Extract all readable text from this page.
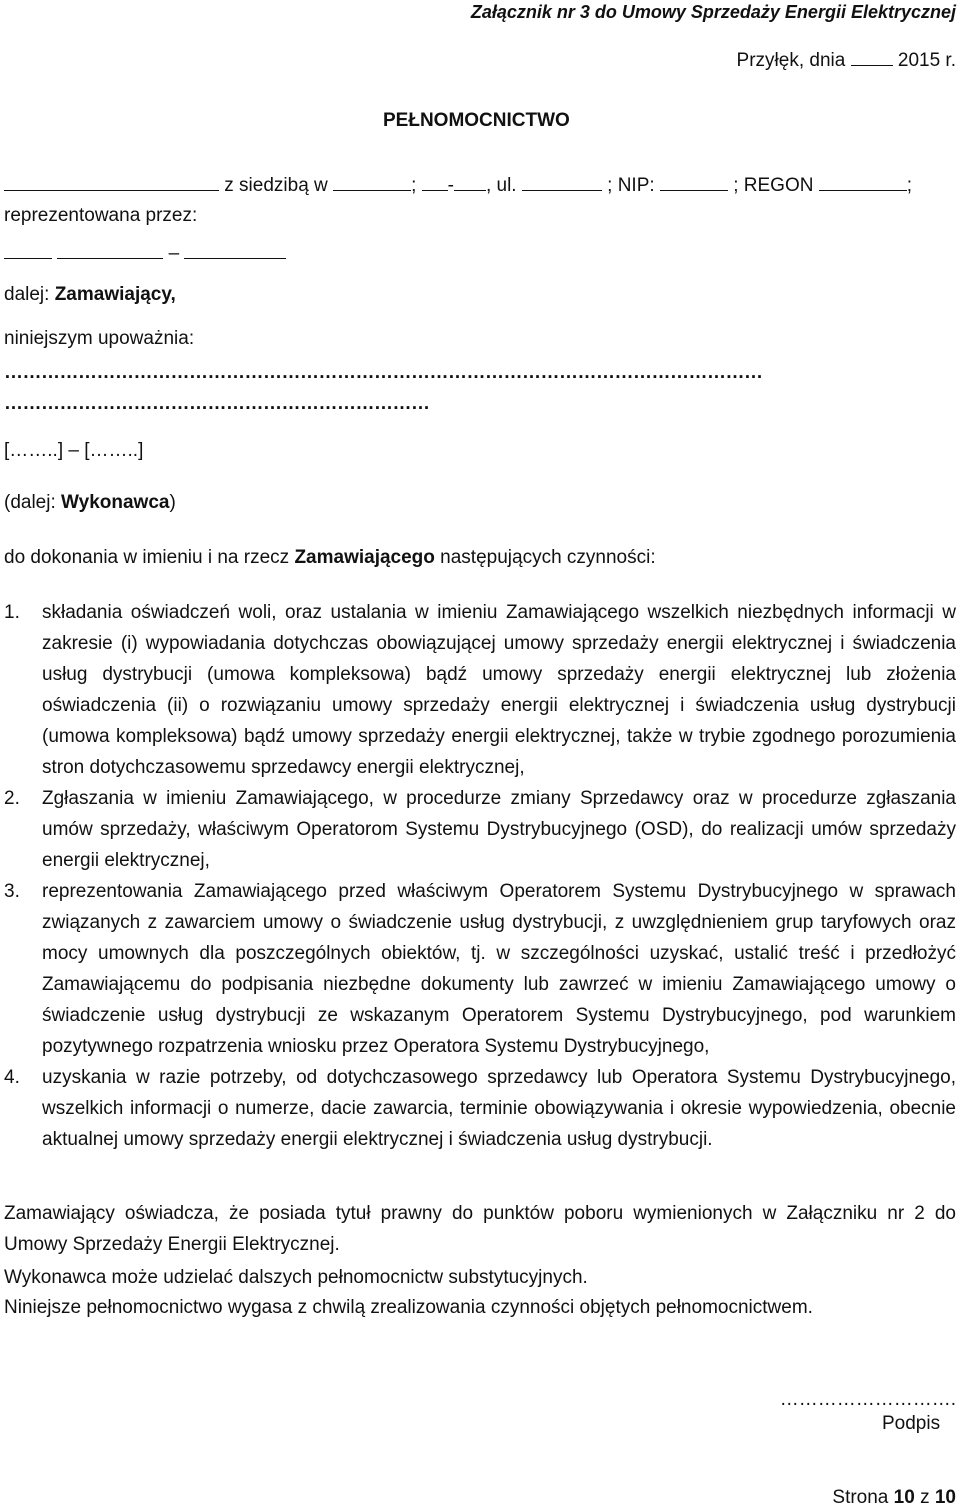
Załącznik nr 3 do Umowy Sprzedaży Energii Elektrycznej
Przyłęk, dnia	2015 r.
PEŁNOMOCNICTWO
z siedzibą w	; - , ul.	; NIP:	; REGON	;
reprezentowana przez:
–
dalej: Zamawiający,
niniejszym upoważnia:
……………………………………………………………………………………………………………
……………………………………………………………
[……..] – [……..]
(dalej: Wykonawca)
do dokonania w imieniu i na rzecz Zamawiającego następujących czynności:
1. składania oświadczeń woli, oraz ustalania w imieniu Zamawiającego wszelkich niezbędnych informacji w zakresie (i) wypowiadania dotychczas obowiązującej umowy sprzedaży energii elektrycznej i świadczenia usług dystrybucji (umowa kompleksowa) bądź umowy sprzedaży energii elektrycznej lub złożenia oświadczenia (ii) o rozwiązaniu umowy sprzedaży energii elektrycznej i świadczenia usług dystrybucji (umowa kompleksowa) bądź umowy sprzedaży energii elektrycznej, także w trybie zgodnego porozumienia stron dotychczasowemu sprzedawcy energii elektrycznej,
2. Zgłaszania w imieniu Zamawiającego, w procedurze zmiany Sprzedawcy oraz w procedurze zgłaszania umów sprzedaży, właściwym Operatorom Systemu Dystrybucyjnego (OSD), do realizacji umów sprzedaży energii elektrycznej,
3. reprezentowania Zamawiającego przed właściwym Operatorem Systemu Dystrybucyjnego w sprawach związanych z zawarciem umowy o świadczenie usług dystrybucji, z uwzględnieniem grup taryfowych oraz mocy umownych dla poszczególnych obiektów, tj. w szczególności uzyskać, ustalić treść i przedłożyć Zamawiającemu do podpisania niezbędne dokumenty lub zawrzeć w imieniu Zamawiającego umowy o świadczenie usług dystrybucji ze wskazanym Operatorem Systemu Dystrybucyjnego, pod warunkiem pozytywnego rozpatrzenia wniosku przez Operatora Systemu Dystrybucyjnego,
4. uzyskania w razie potrzeby, od dotychczasowego sprzedawcy lub Operatora Systemu Dystrybucyjnego, wszelkich informacji o numerze, dacie zawarcia, terminie obowiązywania i okresie wypowiedzenia, obecnie aktualnej umowy sprzedaży energii elektrycznej i świadczenia usług dystrybucji.
Zamawiający oświadcza, że posiada tytuł prawny do punktów poboru wymienionych w Załączniku nr 2 do Umowy Sprzedaży Energii Elektrycznej.
Wykonawca może udzielać dalszych pełnomocnictw substytucyjnych.
Niniejsze pełnomocnictwo wygasa z chwilą zrealizowania czynności objętych pełnomocnictwem.
……………………….
Podpis
Strona 10 z 10
